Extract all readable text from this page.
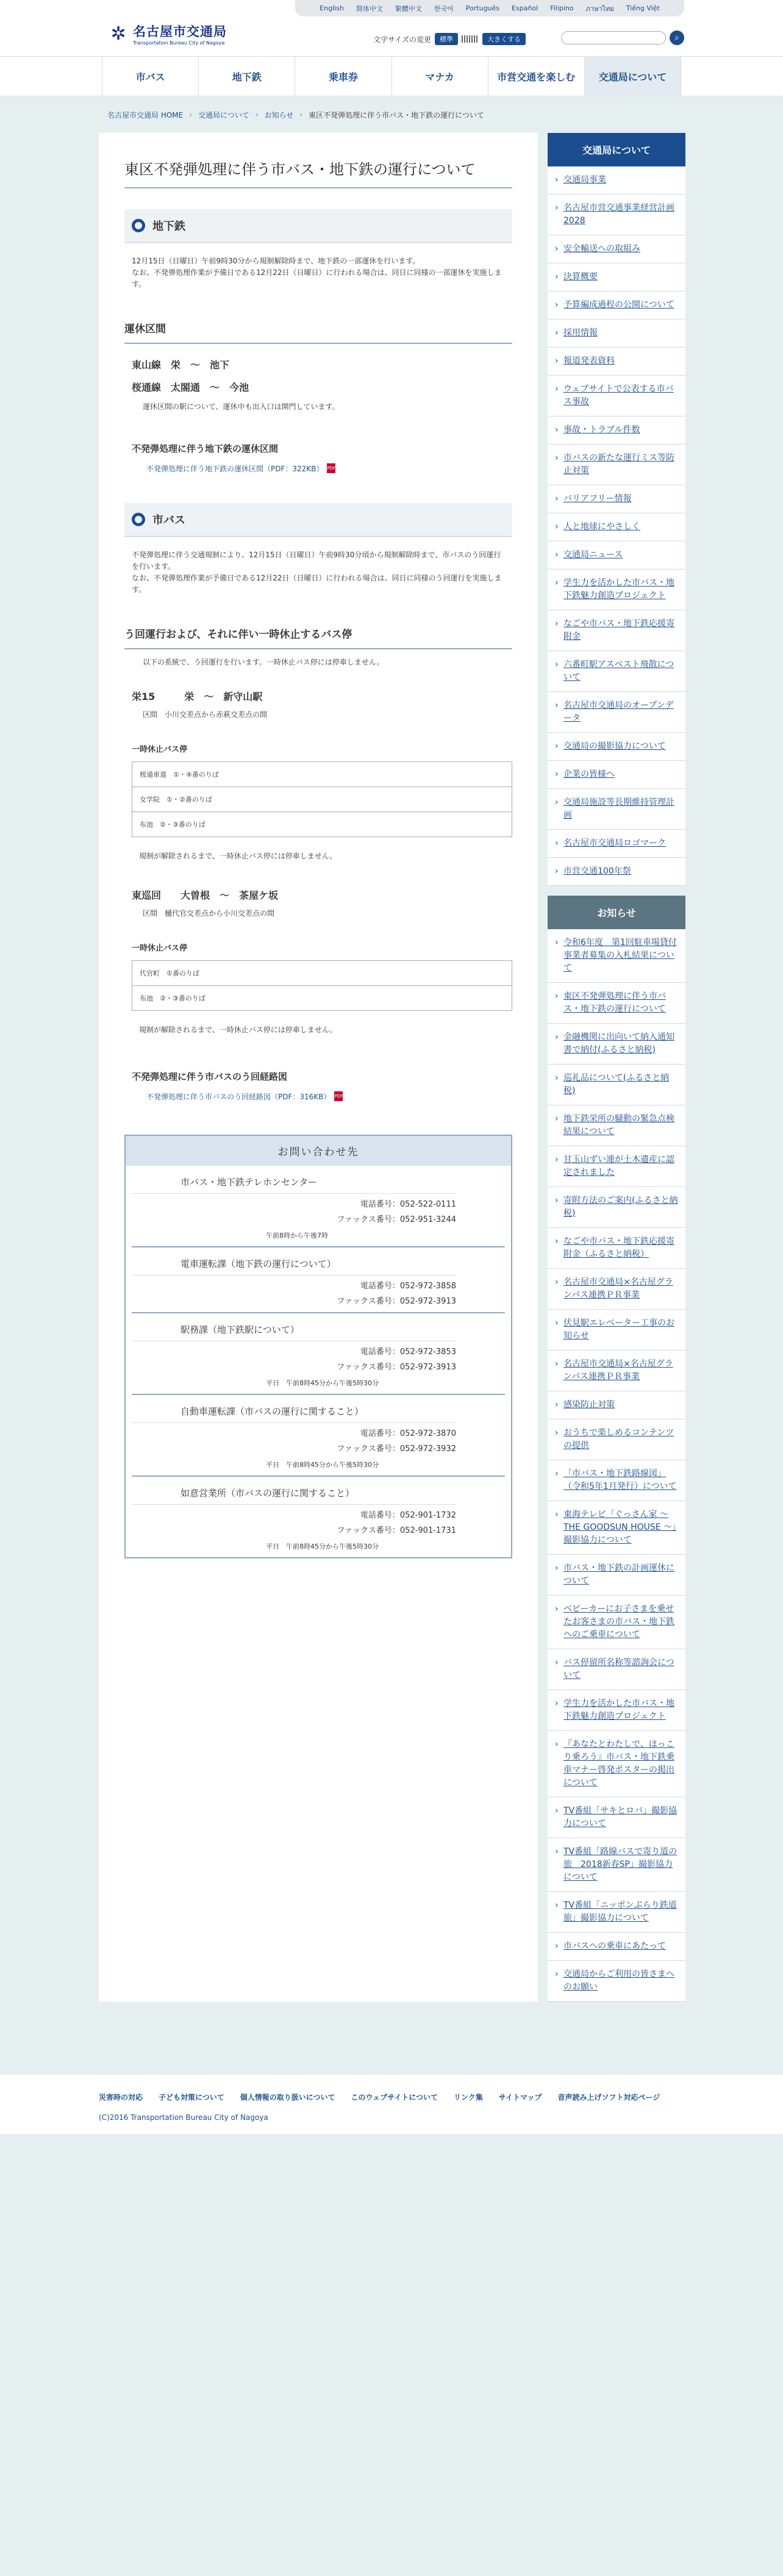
✲ 名古屋市交通局
Transportation Bureau City of Nagoya
English 简体中文 繁體中文 한국어 Português Español Filipino ภาษาไทย Tiếng Việt
文字サイズの変更	標準	大きくする	⌕
市バス	地下鉄	乗車券	マナカ	市営交通を楽しむ	交通局について
名古屋市交通局 HOME › 交通局について › お知らせ › 東区不発弾処理に伴う市バス・地下鉄の運行について
東区不発弾処理に伴う市バス・地下鉄の運行について
地下鉄

12月15日（日曜日）午前9時30分から規制解除時まで、地下鉄の一部運休を行います。

なお、不発弾処理作業が予備日である12月22日（日曜日）に行われる場合は、同日に同様の一部運休を実施します。

運休区間
東山線　栄　〜　池下
桜通線　太閤通　〜　今池
運休区間の駅について、運休中も出入口は開門しています。
不発弾処理に伴う地下鉄の運休区間
不発弾処理に伴う地下鉄の運休区間（PDF：322KB） PDF
市バス

不発弾処理に伴う交通規制により、12月15日（日曜日）午前9時30分頃から規制解除時まで、市バスのう回運行を行います。

なお、不発弾処理作業が予備日である12月22日（日曜日）に行われる場合は、同日に同様のう回運行を実施します。

う回運行および、それに伴い一時休止するバス停
以下の系統で、う回運行を行います。一時休止バス停には停車しません。
栄15　　　栄　〜　新守山駅
区間　小川交差点から赤萩交差点の間
一時休止バス停
桜通車道　①・④番のりば
女学院　①・②番のりば
布池　②・③番のりば
規制が解除されるまで、一時休止バス停には停車しません。
東巡回　　大曽根　〜　茶屋ケ坂
区間　樋代官交差点から小川交差点の間
一時休止バス停
代官町　①番のりば
布池　②・③番のりば
規制が解除されるまで、一時休止バス停には停車しません。
不発弾処理に伴う市バスのう回経路図
不発弾処理に伴う市バスのう回経路図（PDF：316KB） PDF
お問い合わせ先
市バス・地下鉄テレホンセンター
電話番号：052-522-0111
ファックス番号：052-951-3244
午前8時から午後7時
電車運転課（地下鉄の運行について）
電話番号：052-972-3858
ファックス番号：052-972-3913
駅務課（地下鉄駅について）
電話番号：052-972-3853
ファックス番号：052-972-3913
平日　午前8時45分から午後5時30分
自動車運転課（市バスの運行に関すること）
電話番号：052-972-3870
ファックス番号：052-972-3932
平日　午前8時45分から午後5時30分
如意営業所（市バスの運行に関すること）
電話番号：052-901-1732
ファックス番号：052-901-1731
平日　午前8時45分から午後5時30分
交通局について
› 交通局事業
› 名古屋市営交通事業経営計画2028
› 安全輸送への取組み
› 決算概要
› 予算編成過程の公開について
› 採用情報
› 報道発表資料
› ウェブサイトで公表する市バス事故
› 事故・トラブル件数
› 市バスの新たな運行ミス等防止対策
› バリアフリー情報
› 人と地球にやさしく
› 交通局ニュース
› 学生力を活かした市バス・地下鉄魅力創造プロジェクト
› なごや市バス・地下鉄応援寄附金
› 六番町駅アスベスト飛散について
› 名古屋市交通局のオープンデータ
› 交通局の撮影協力について
› 企業の皆様へ
› 交通局施設等長期維持管理計画
› 名古屋市交通局ロゴマーク
› 市営交通100年祭
お知らせ
› 令和6年度　第1回駐車場貸付事業者募集の入札結果について
› 東区不発弾処理に伴う市バス・地下鉄の運行について
› 金融機関に出向いて納入通知書で納付(ふるさと納税)
› 巡礼品について(ふるさと納税)
› 地下鉄栄所の騒動の緊急点検結果について
› 甘玉山ずい連が土木遺産に認定されました
› 寄附方法のご案内(ふるさと納税)
› なごや市バス・地下鉄応援寄附金（ふるさと納税）
› 名古屋市交通局×名古屋グランパス連携ＰＲ事業
› 伏見駅エレベーター工事のお知らせ
› 名古屋市交通局×名古屋グランパス連携ＰＲ事業
› 感染防止対策
› おうちで楽しめるコンテンツの提供
› 「市バス・地下鉄路線図」（令和5年1月発行）について
› 東海テレビ「ぐっさん家 〜 THE GOODSUN HOUSE 〜」撮影協力について
› 市バス・地下鉄の計画運休について
› ベビーカーにお子さまを乗せたお客さまの市バス・地下鉄へのご乗車について
› バス停留所名称等諮詢会について
› 学生力を活かした市バス・地下鉄魅力創造プロジェクト
› 『あなたとわたしで、ほっこり乗ろう』市バス・地下鉄乗車マナー啓発ポスターの掲出について
› TV番組「サキとロバ」撮影協力について
› TV番組「路線バスで寄り道の旅　2018新春SP」撮影協力について
› TV番組「ニッポンぶらり鉄道旅」撮影協力について
› 市バスへの乗車にあたって
› 交通局からご利用の皆さまへのお願い
災害時の対応 子ども対策について 個人情報の取り扱いについて このウェブサイトについて リンク集 サイトマップ 音声読み上げソフト対応ページ
(C)2016 Transportation Bureau City of Nagoya
